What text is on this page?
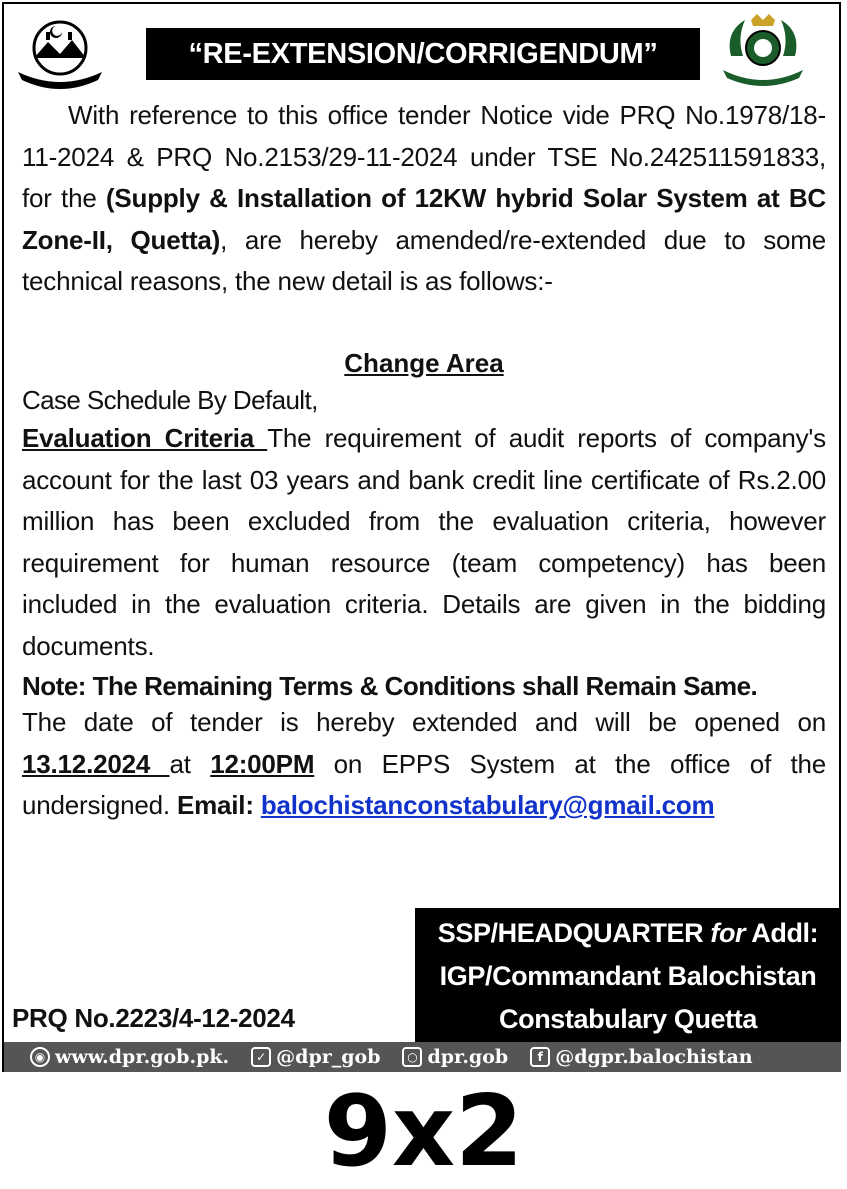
“RE-EXTENSION/CORRIGENDUM”
With reference to this office tender Notice vide PRQ No.1978/18-11-2024 & PRQ No.2153/29-11-2024 under TSE No.242511591833, for the (Supply & Installation of 12KW hybrid Solar System at BC Zone-II, Quetta), are hereby amended/re-extended due to some technical reasons, the new detail is as follows:-
Change Area
Case Schedule By Default,
Evaluation Criteria The requirement of audit reports of company's account for the last 03 years and bank credit line certificate of Rs.2.00 million has been excluded from the evaluation criteria, however requirement for human resource (team competency) has been included in the evaluation criteria. Details are given in the bidding documents.
Note: The Remaining Terms & Conditions shall Remain Same.
The date of tender is hereby extended and will be opened on 13.12.2024 at 12:00PM on EPPS System at the office of the undersigned. Email: balochistanconstabulary@gmail.com
SSP/HEADQUARTER for Addl:
IGP/Commandant Balochistan
Constabulary Quetta
PRQ No.2223/4-12-2024
◉ www.dpr.gob.pk.	✓ @dpr_gob	○ dpr.gob	f @dgpr.balochistan
9x2
